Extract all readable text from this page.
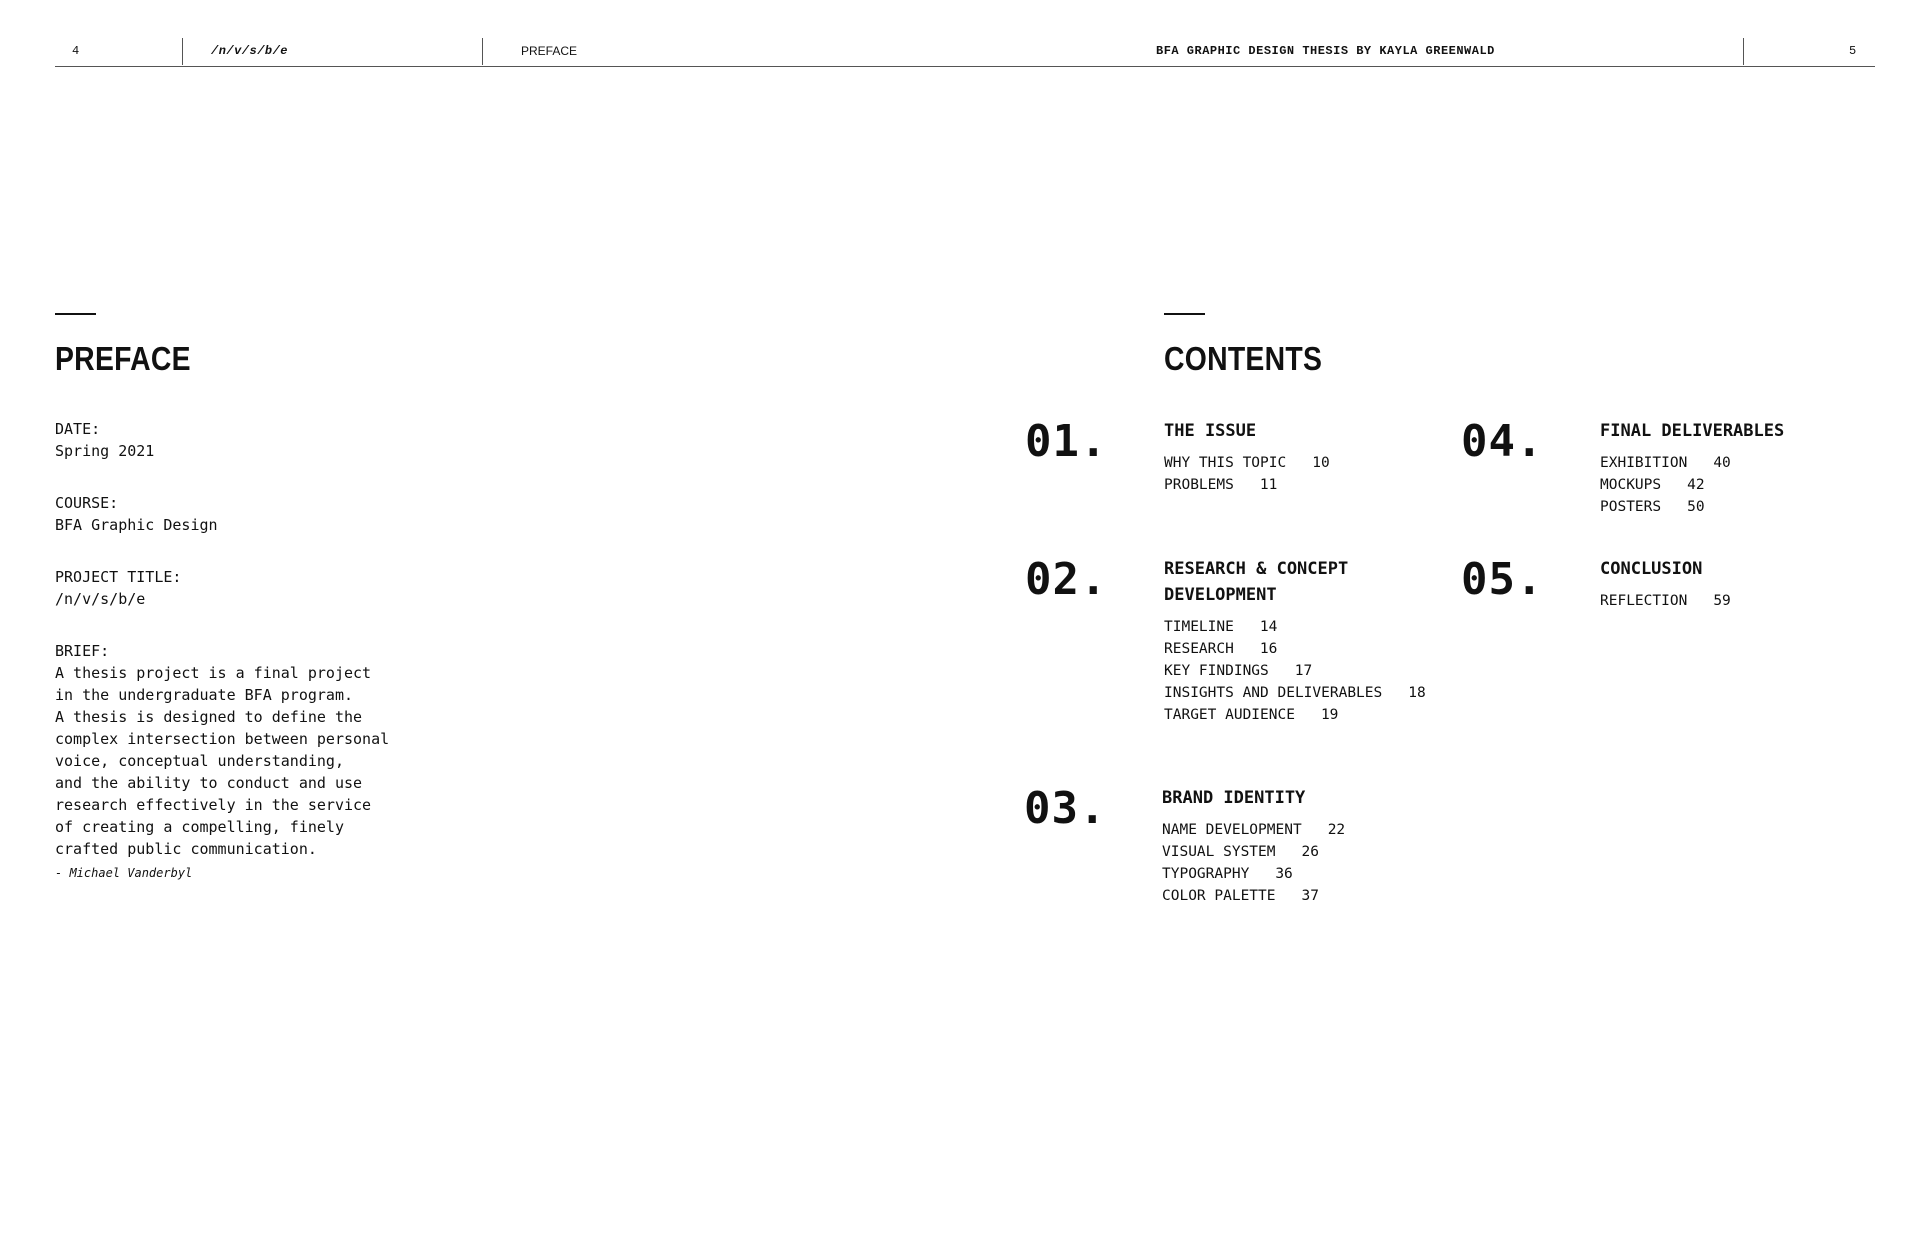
4	/n/v/s/b/e	PREFACE	BFA GRAPHIC DESIGN THESIS BY KAYLA GREENWALD	5
PREFACE
DATE:
Spring 2021
COURSE:
BFA Graphic Design
PROJECT TITLE:
/n/v/s/b/e
BRIEF:
A thesis project is a final project
in the undergraduate BFA program.
A thesis is designed to define the
complex intersection between personal
voice, conceptual understanding,
and the ability to conduct and use
research effectively in the service
of creating a compelling, finely
crafted public communication.
- Michael Vanderbyl
CONTENTS
01.	THE ISSUE
WHY THIS TOPIC 10
PROBLEMS 11
04.	FINAL DELIVERABLES
EXHIBITION 40
MOCKUPS 42
POSTERS 50
02.	RESEARCH & CONCEPT
DEVELOPMENT
TIMELINE 14
RESEARCH 16
KEY FINDINGS 17
INSIGHTS AND DELIVERABLES 18
TARGET AUDIENCE 19
05.	CONCLUSION
REFLECTION 59
03.	BRAND IDENTITY
NAME DEVELOPMENT 22
VISUAL SYSTEM 26
TYPOGRAPHY 36
COLOR PALETTE 37
